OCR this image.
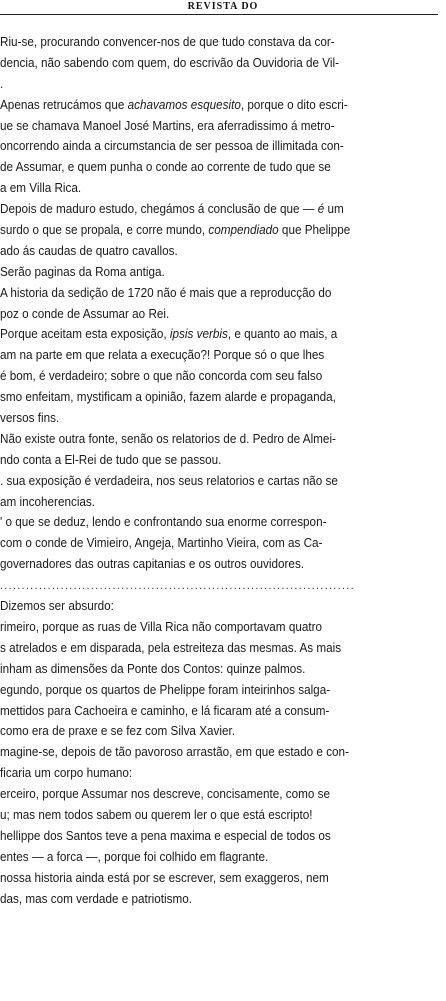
REVISTA DO
Riu-se, procurando convencer-nos de que tudo constava da cor-
dencia, não sabendo com quem, do escrivão da Ouvidoria de Vil-
.
Apenas retrucámos que achavamos esquesito, porque o dito escri-
ue se chamava Manoel José Martins, era aferradissimo á metro-
oncorrendo ainda a circumstancia de ser pessoa de illimitada con-
de Assumar, e quem punha o conde ao corrente de tudo que se
a em Villa Rica.
Depois de maduro estudo, chegámos á conclusão de que — é um
surdo o que se propala, e corre mundo, compendiado que Phelippe
ado ás caudas de quatro cavallos.
Serão paginas da Roma antiga.
A historia da sedição de 1720 não é mais que a reproducção do
poz o conde de Assumar ao Rei.
Porque aceitam esta exposição, ipsis verbis, e quanto ao mais, a
am na parte em que relata a execução?! Porque só o que lhes
é bom, é verdadeiro; sobre o que não concorda com seu falso
smo enfeitam, mystificam a opinião, fazem alarde e propaganda,
versos fins.
Não existe outra fonte, senão os relatorios de d. Pedro de Almei-
ndo conta a El-Rei de tudo que se passou.
. sua exposição é verdadeira, nos seus relatorios e cartas não se
am incoherencias.
' o que se deduz, lendo e confrontando sua enorme correspon-
com o conde de Vimieiro, Angeja, Martinho Vieira, com as Ca-
governadores das outras capitanias e os outros ouvidores.
..................................................................................
Dizemos ser absurdo:
rimeiro, porque as ruas de Villa Rica não comportavam quatro
s atrelados e em disparada, pela estreiteza das mesmas. As mais
inham as dimensões da Ponte dos Contos: quinze palmos.
egundo, porque os quartos de Phelippe foram inteirinhos salga-
mettidos para Cachoeira e caminho, e lá ficaram até a consum-
como era de praxe e se fez com Silva Xavier.
magine-se, depois de tão pavoroso arrastão, em que estado e con-
ficaria um corpo humano:
erceiro, porque Assumar nos descreve, concisamente, como se
u; mas nem todos sabem ou querem ler o que está escripto!
hellippe dos Santos teve a pena maxima e especial de todos os
entes — a forca —, porque foi colhido em flagrante.
nossa historia ainda está por se escrever, sem exaggeros, nem
das, mas com verdade e patriotismo.
